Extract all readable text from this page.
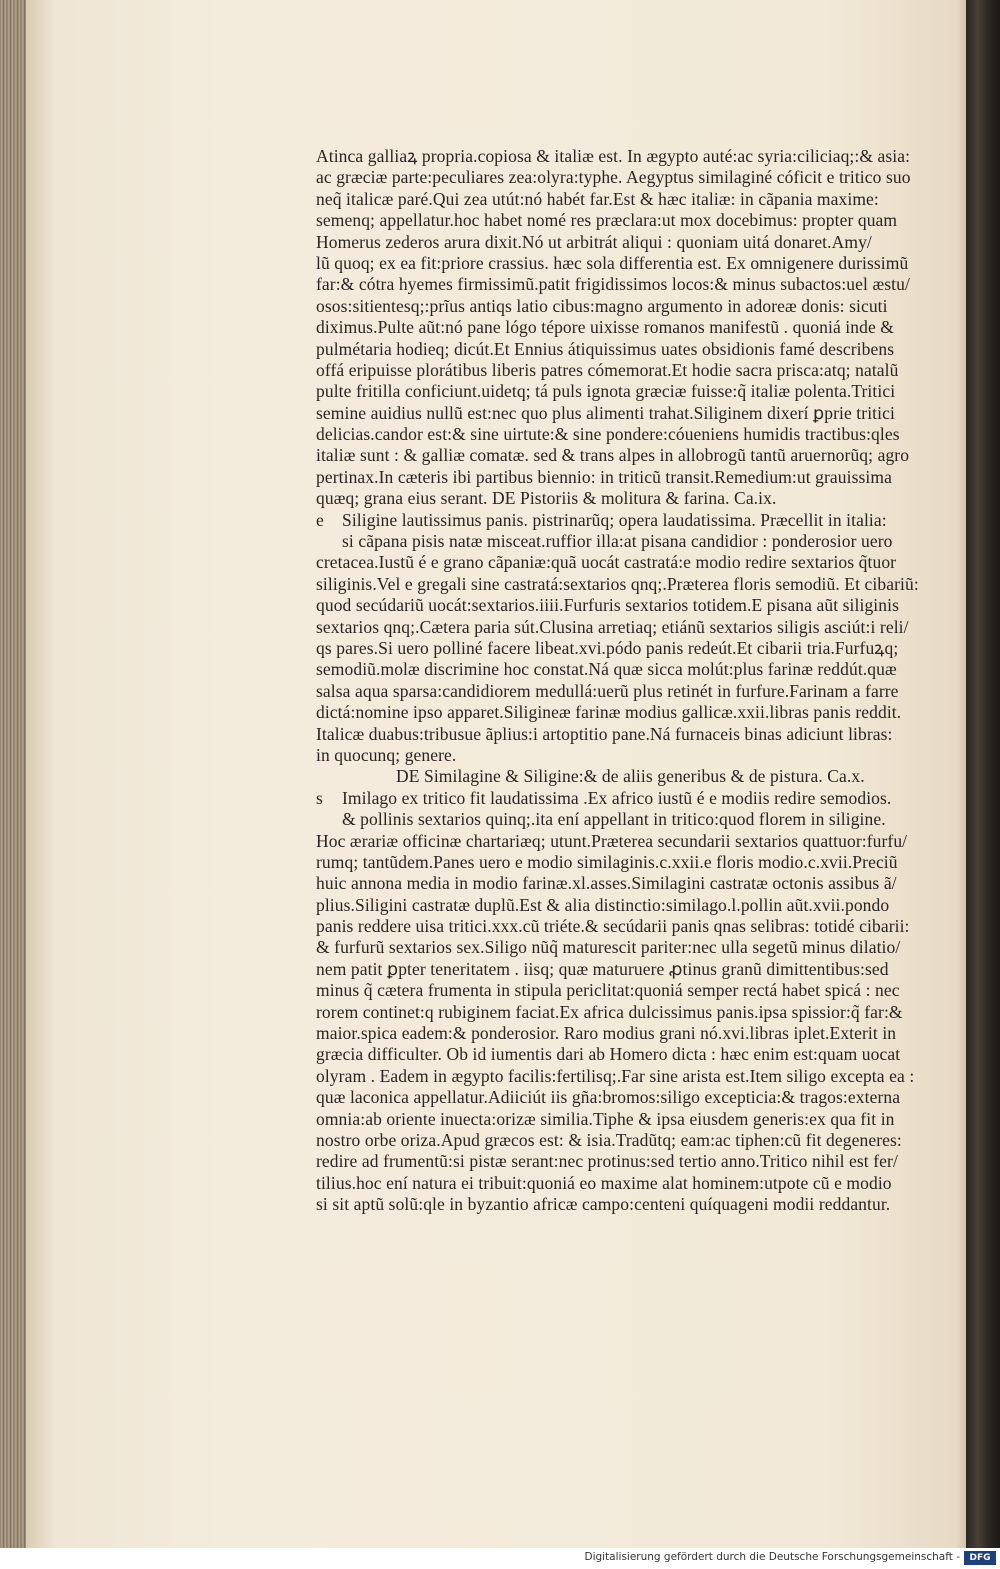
Atinca galliaꝝ propria.copiosa & italiæ est. In ægypto auté:ac syria:ciliciaq;:& asia:
ac græciæ parte:peculiares zea:olyra:typhe. Aegyptus similaginé cóficit e tritico suo
neq̃ italicæ paré.Qui zea utút:nó habét far.Est & hæc italiæ: in cãpania maxime:
semenq; appellatur.hoc habet nomé res præclara:ut mox docebimus: propter quam
Homerus zederos arura dixit.Nó ut arbitrát aliqui : quoniam uitá donaret.Amy/
lũ quoq; ex ea fit:priore crassius. hæc sola differentia est. Ex omnigenere durissimũ
far:& cótra hyemes firmissimũ.patit frigidissimos locos:& minus subactos:uel æstu/
osos:sitientesq;:prĩus antiqs latio cibus:magno argumento in adoreæ donis: sicuti
diximus.Pulte aũt:nó pane lógo tépore uixisse romanos manifestũ . quoniá inde &
pulmétaria hodieq; dicút.Et Ennius átiquissimus uates obsidionis famé describens
offá eripuisse plorátibus liberis patres cómemorat.Et hodie sacra prisca:atq; natalũ
pulte fritilla conficiunt.uidetq; tá puls ignota græciæ fuisse:q̃ italiæ polenta.Tritici
semine auidius nullũ est:nec quo plus alimenti trahat.Siliginem dixerí ꝑprie tritici
delicias.candor est:& sine uirtute:& sine pondere:cóueniens humidis tractibus:qles
italiæ sunt : & galliæ comatæ. sed & trans alpes in allobrogũ tantũ aruernorũq; agro
pertinax.In cæteris ibi partibus biennio: in triticũ transit.Remedium:ut grauissima
quæq; grana eius serant. DE Pistoriis & molitura & farina. Ca.ix.
e Siligine lautissimus panis. pistrinarũq; opera laudatissima. Præcellit in italia:
si cãpana pisis natæ misceat.ruffior illa:at pisana candidior : ponderosior uero
cretacea.Iustũ é e grano cãpaniæ:quã uocát castratá:e modio redire sextarios q̃tuor
siliginis.Vel e gregali sine castratá:sextarios qnq;.Præterea floris semodiũ. Et cibariũ:
quod secúdariũ uocát:sextarios.iiii.Furfuris sextarios totidem.E pisana aũt siliginis
sextarios qnq;.Cætera paria sút.Clusina arretiaq; etiánũ sextarios siligis asciút:i reli/
qs pares.Si uero polliné facere libeat.xvi.pódo panis redeút.Et cibarii tria.Furfuꝝq;
semodiũ.molæ discrimine hoc constat.Ná quæ sicca molút:plus farinæ reddút.quæ
salsa aqua sparsa:candidiorem medullá:uerũ plus retinét in furfure.Farinam a farre
dictá:nomine ipso apparet.Siligineæ farinæ modius gallicæ.xxii.libras panis reddit.
Italicæ duabus:tribusue ãplius:i artoptitio pane.Ná furnaceis binas adiciunt libras:
in quocunq; genere.
DE Similagine & Siligine:& de aliis generibus & de pistura. Ca.x.
s Imilago ex tritico fit laudatissima .Ex africo iustũ é e modiis redire semodios.
& pollinis sextarios quinq;.ita ení appellant in tritico:quod florem in siligine.
Hoc ærariæ officinæ chartariæq; utunt.Præterea secundarii sextarios quattuor:furfu/
rumq; tantũdem.Panes uero e modio similaginis.c.xxii.e floris modio.c.xvii.Preciũ
huic annona media in modio farinæ.xl.asses.Similagini castratæ octonis assibus ã/
plius.Siligini castratæ duplũ.Est & alia distinctio:similago.l.pollin aũt.xvii.pondo
panis reddere uisa tritici.xxx.cũ triéte.& secúdarii panis qnas selibras: totidé cibarii:
& furfurũ sextarios sex.Siligo nũq̃ maturescit pariter:nec ulla segetũ minus dilatio/
nem patit ꝑpter teneritatem . iisq; quæ maturuere ꝓtinus granũ dimittentibus:sed
minus q̃ cætera frumenta in stipula periclitat:quoniá semper rectá habet spicá : nec
rorem continet:q rubiginem faciat.Ex africa dulcissimus panis.ipsa spissior:q̃ far:&
maior.spica eadem:& ponderosior. Raro modius grani nó.xvi.libras iplet.Exterit in
græcia difficulter. Ob id iumentis dari ab Homero dicta : hæc enim est:quam uocat
olyram . Eadem in ægypto facilis:fertilisq;.Far sine arista est.Item siligo excepta ea :
quæ laconica appellatur.Adiiciút iis gña:bromos:siligo excepticia:& tragos:externa
omnia:ab oriente inuecta:orizæ similia.Tiphe & ipsa eiusdem generis:ex qua fit in
nostro orbe oriza.Apud græcos est: & isia.Tradũtq; eam:ac tiphen:cũ fit degeneres:
redire ad frumentũ:si pistæ serant:nec protinus:sed tertio anno.Tritico nihil est fer/
tilius.hoc ení natura ei tribuit:quoniá eo maxime alat hominem:utpote cũ e modio
si sit aptũ solũ:qle in byzantio africæ campo:centeni quíquageni modii reddantur.
Digitalisierung gefördert durch die Deutsche Forschungsgemeinschaft -	DFG
